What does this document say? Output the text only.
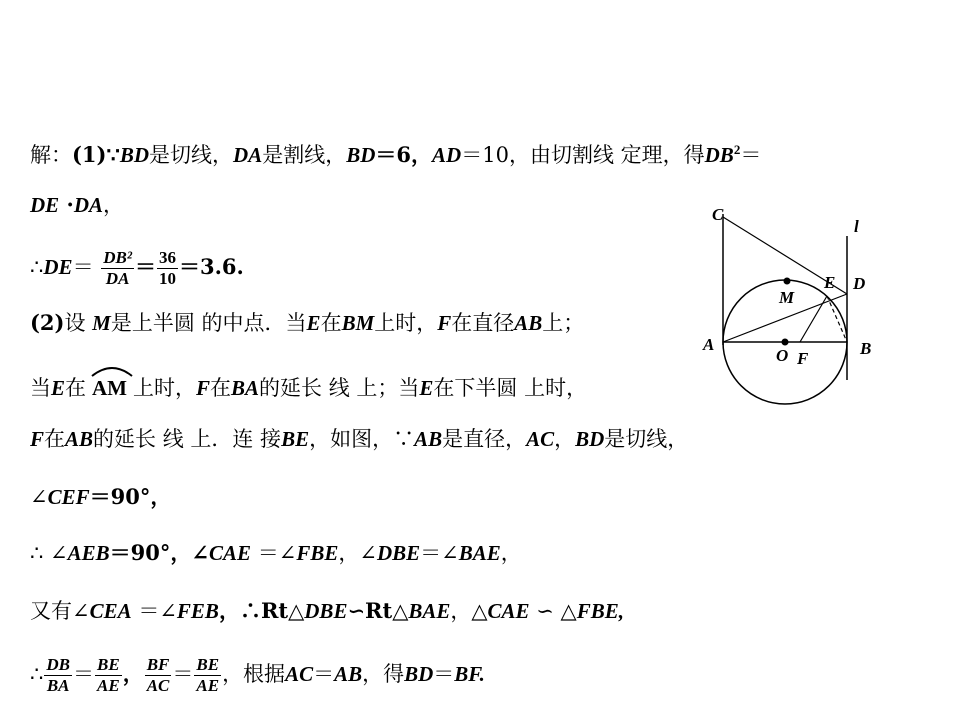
解：(1)∵BD是切线，DA是割线，BD＝6，AD＝10，由切割线 定理，得$DB^2=$
DE ·DA，
∴DE＝ $\frac{\text{DB²}}{DA} = \frac{36}{10} =3.6$.
(2)设 M是上半圆 的中点．当E在BM上时，F在直径AB上；
当E在 AM 上时，F在BA的延长 线 上；当E在下半圆 上时，
F在AB的延长 线 上．连 接BE，如图，∵AB是直径，AC，BD是切线，
∠CEF＝90°，
∴ ∠AEB＝90°，∠CAE ＝∠FBE，∠DBE＝∠BAE，
又有∠CEA ＝∠FEB，∴Rt△DBE∽Rt△BAE，△CAE ∽ △FBE,
∴ $\frac{DB}{BA} = \frac{BE}{AE}$ ， $\frac{BF}{AC} = \frac{BE}{AE}$ ，根据AC＝AB，得BD＝BF.
C
l
E D
M
A
O F
B
